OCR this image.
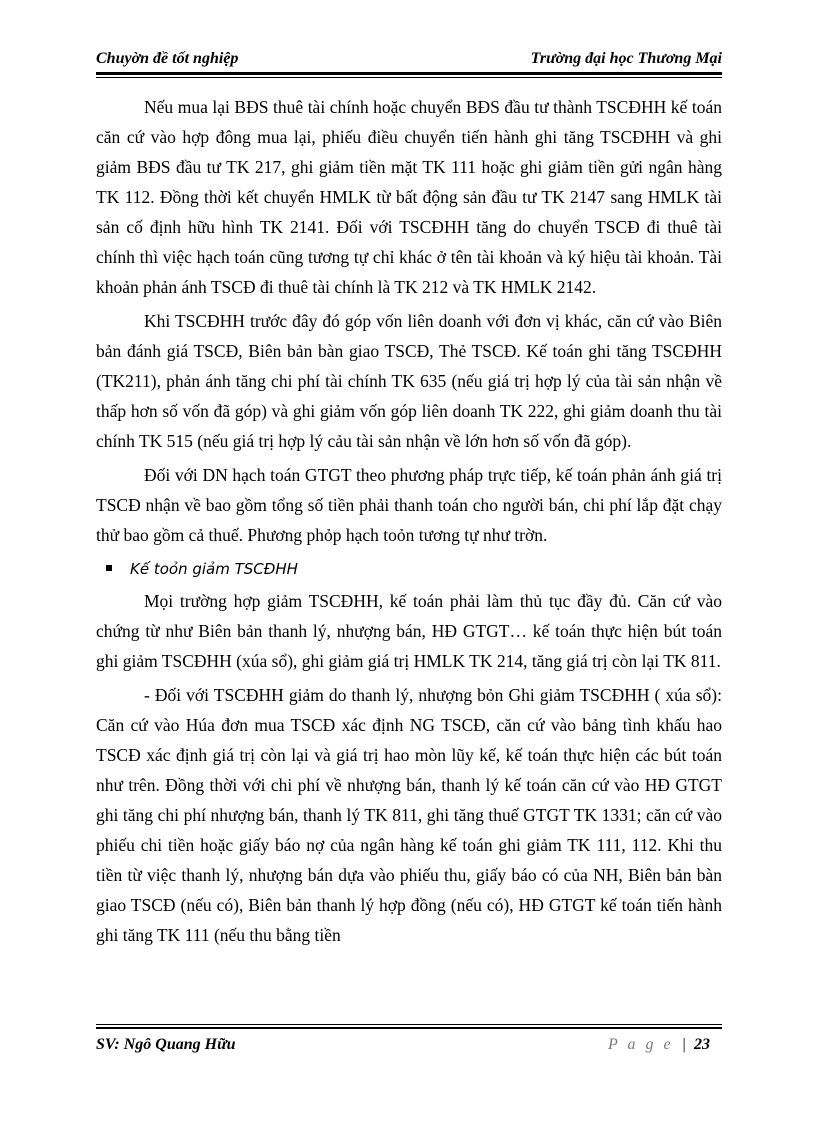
Chuyờn đề tốt nghiệp	Trường đại học Thương Mại

Nếu mua lại BĐS thuê tài chính hoặc chuyển BĐS đầu tư thành TSCĐHH kế toán căn cứ vào hợp đông mua lại, phiếu điều chuyển tiến hành ghi tăng TSCĐHH và ghi giảm BĐS đầu tư TK 217, ghi giảm tiền mặt TK 111 hoặc ghi giảm tiền gửi ngân hàng TK 112. Đồng thời kết chuyển HMLK từ bất động sản đầu tư TK 2147 sang HMLK tài sản cố định hữu hình TK 2141. Đối với TSCĐHH tăng do chuyển TSCĐ đi thuê tài chính thì việc hạch toán cũng tương tự chỉ khác ở tên tài khoản và ký hiệu tài khoản. Tài khoản phản ánh TSCĐ đi thuê tài chính là TK 212 và TK HMLK 2142.

Khi TSCĐHH trước đây đó góp vốn liên doanh với đơn vị khác, căn cứ vào Biên bản đánh giá TSCĐ, Biên bản bàn giao TSCĐ, Thẻ TSCĐ. Kế toán ghi tăng TSCĐHH (TK211), phản ánh tăng chi phí tài chính TK 635 (nếu giá trị hợp lý của tài sản nhận về thấp hơn số vốn đã góp) và ghi giảm vốn góp liên doanh TK 222, ghi giảm doanh thu tài chính TK 515 (nếu giá trị hợp lý cảu tài sản nhận về lớn hơn số vốn đã góp).

Đối với DN hạch toán GTGT theo phương pháp trực tiếp, kế toán phản ánh giá trị TSCĐ nhận về bao gồm tổng số tiền phải thanh toán cho người bán, chi phí lắp đặt chạy thử bao gồm cả thuế. Phương phỏp hạch toỏn tương tự như trờn.

Kế toỏn giảm TSCĐHH

Mọi trường hợp giảm TSCĐHH, kế toán phải làm thủ tục đầy đủ. Căn cứ vào chứng từ như Biên bản thanh lý, nhượng bán, HĐ GTGT… kế toán thực hiện bút toán ghi giảm TSCĐHH (xúa sổ), ghi giảm giá trị HMLK TK 214, tăng giá trị còn lại TK 811.

- Đối với TSCĐHH giảm do thanh lý, nhượng bỏn Ghi giảm TSCĐHH ( xúa sổ): Căn cứ vào Húa đơn mua TSCĐ xác định NG TSCĐ, căn cứ vào bảng tình khấu hao TSCĐ xác định giá trị còn lại và giá trị hao mòn lũy kế, kế toán thực hiện các bút toán như trên. Đồng thời với chi phí về nhượng bán, thanh lý kế toán căn cứ vào HĐ GTGT ghi tăng chi phí nhượng bán, thanh lý TK 811, ghi tăng thuế GTGT TK 1331; căn cứ vào phiếu chi tiền hoặc giấy báo nợ của ngân hàng kế toán ghi giảm TK 111, 112. Khi thu tiền từ việc thanh lý, nhượng bán dựa vào phiếu thu, giấy báo có của NH, Biên bản bàn giao TSCĐ (nếu có), Biên bản thanh lý hợp đồng (nếu có), HĐ GTGT kế toán tiến hành ghi tăng TK 111 (nếu thu bằng tiền

SV: Ngô Quang Hữu	P a g e | 23
